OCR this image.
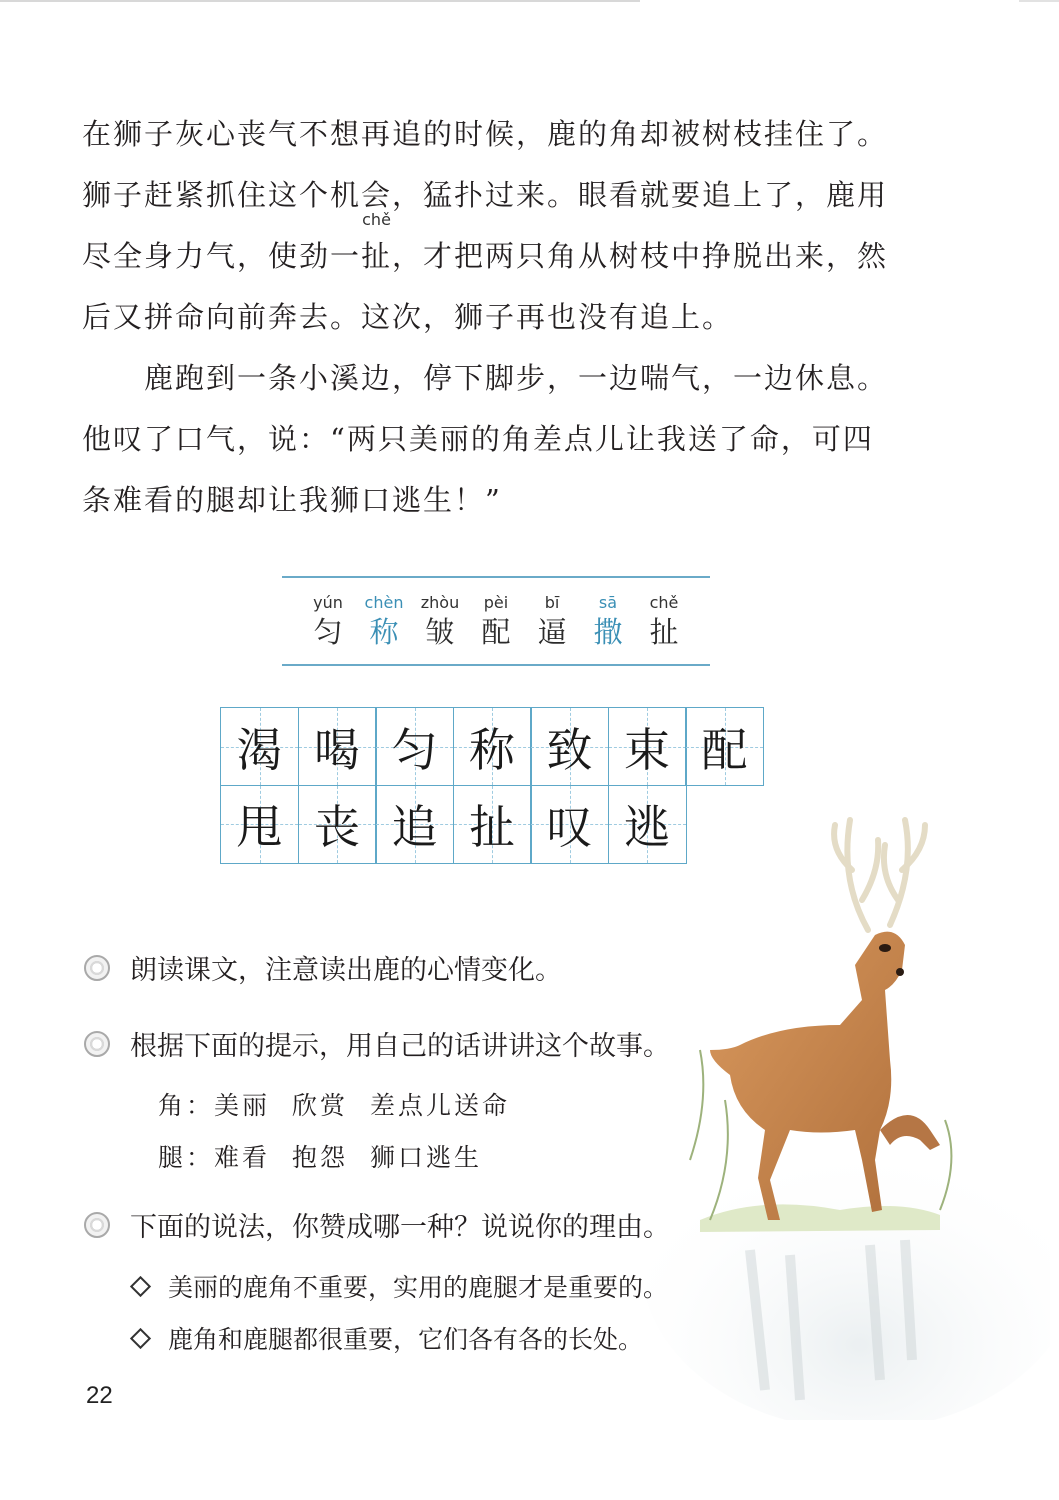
在狮子灰心丧气不想再追的时候，鹿的角却被树枝挂住了。
狮子赶紧抓住这个机会，猛扑过来。眼看就要追上了，鹿用
尽全身力气，使劲一
chě
扯，才把两只角从树枝中挣脱出来，然
后又拼命向前奔去。这次，狮子再也没有追上。
鹿跑到一条小溪边，停下脚步，一边喘气，一边休息。
他叹了口气，说：“两只美丽的角差点儿让我送了命，可四
条难看的腿却让我狮口逃生！”
yún
匀
chèn
称
zhòu
皱
pèi
配
bī
逼
sā
撒
chě
扯
渴 喝 匀 称 致 束 配
甩 丧 追 扯 叹 逃
朗读课文，注意读出鹿的心情变化。
根据下面的提示，用自己的话讲讲这个故事。
角：美丽 欣赏 差点儿送命
腿：难看 抱怨 狮口逃生
下面的说法，你赞成哪一种？说说你的理由。
美丽的鹿角不重要，实用的鹿腿才是重要的。
鹿角和鹿腿都很重要，它们各有各的长处。
22
